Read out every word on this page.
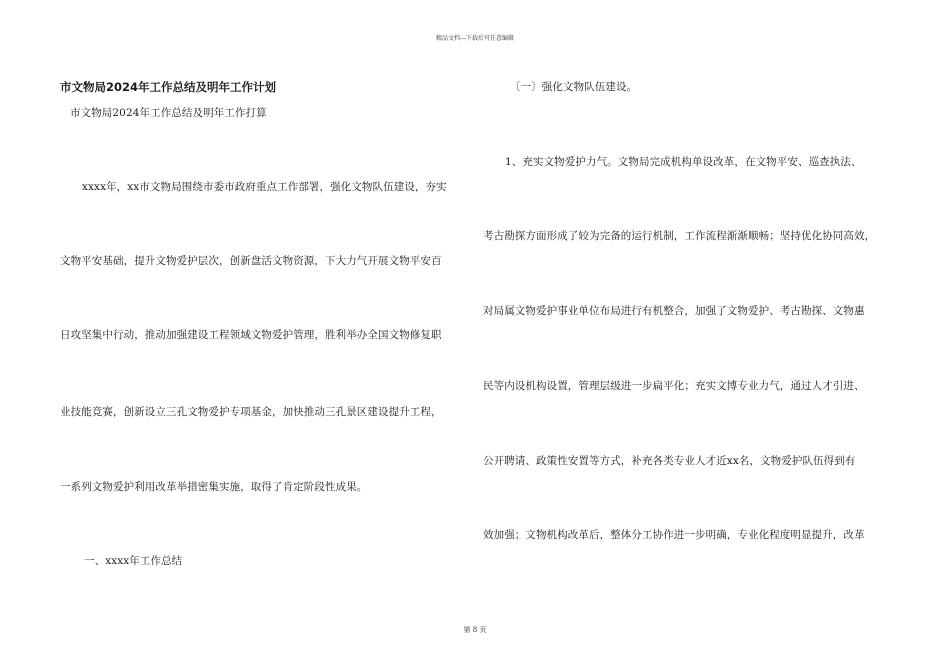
精品文档---下载后可任意编辑
市文物局2024年工作总结及明年工作计划
市文物局2024年工作总结及明年工作打算
xxxx年，xx市文物局围绕市委市政府重点工作部署，强化文物队伍建设，夯实
文物平安基础，提升文物爱护层次，创新盘活文物资源，下大力气开展文物平安百
日攻坚集中行动，推动加强建设工程领域文物爱护管理，胜利举办全国文物修复职
业技能竞赛，创新设立三孔文物爱护专项基金，加快推动三孔景区建设提升工程，
一系列文物爱护利用改革举措密集实施，取得了肯定阶段性成果。
一、xxxx年工作总结
〔一〕强化文物队伍建设。
1、充实文物爱护力气。文物局完成机构单设改革，在文物平安、巡查执法、
考古勘探方面形成了较为完备的运行机制，工作流程渐渐顺畅；坚持优化协同高效，
对局属文物爱护事业单位布局进行有机整合，加强了文物爱护、考古勘探、文物惠
民等内设机构设置，管理层级进一步扁平化；充实文博专业力气，通过人才引进、
公开聘请、政策性安置等方式，补充各类专业人才近xx名，文物爱护队伍得到有
效加强；文物机构改革后，整体分工协作进一步明确，专业化程度明显提升，改革
第 8 页
